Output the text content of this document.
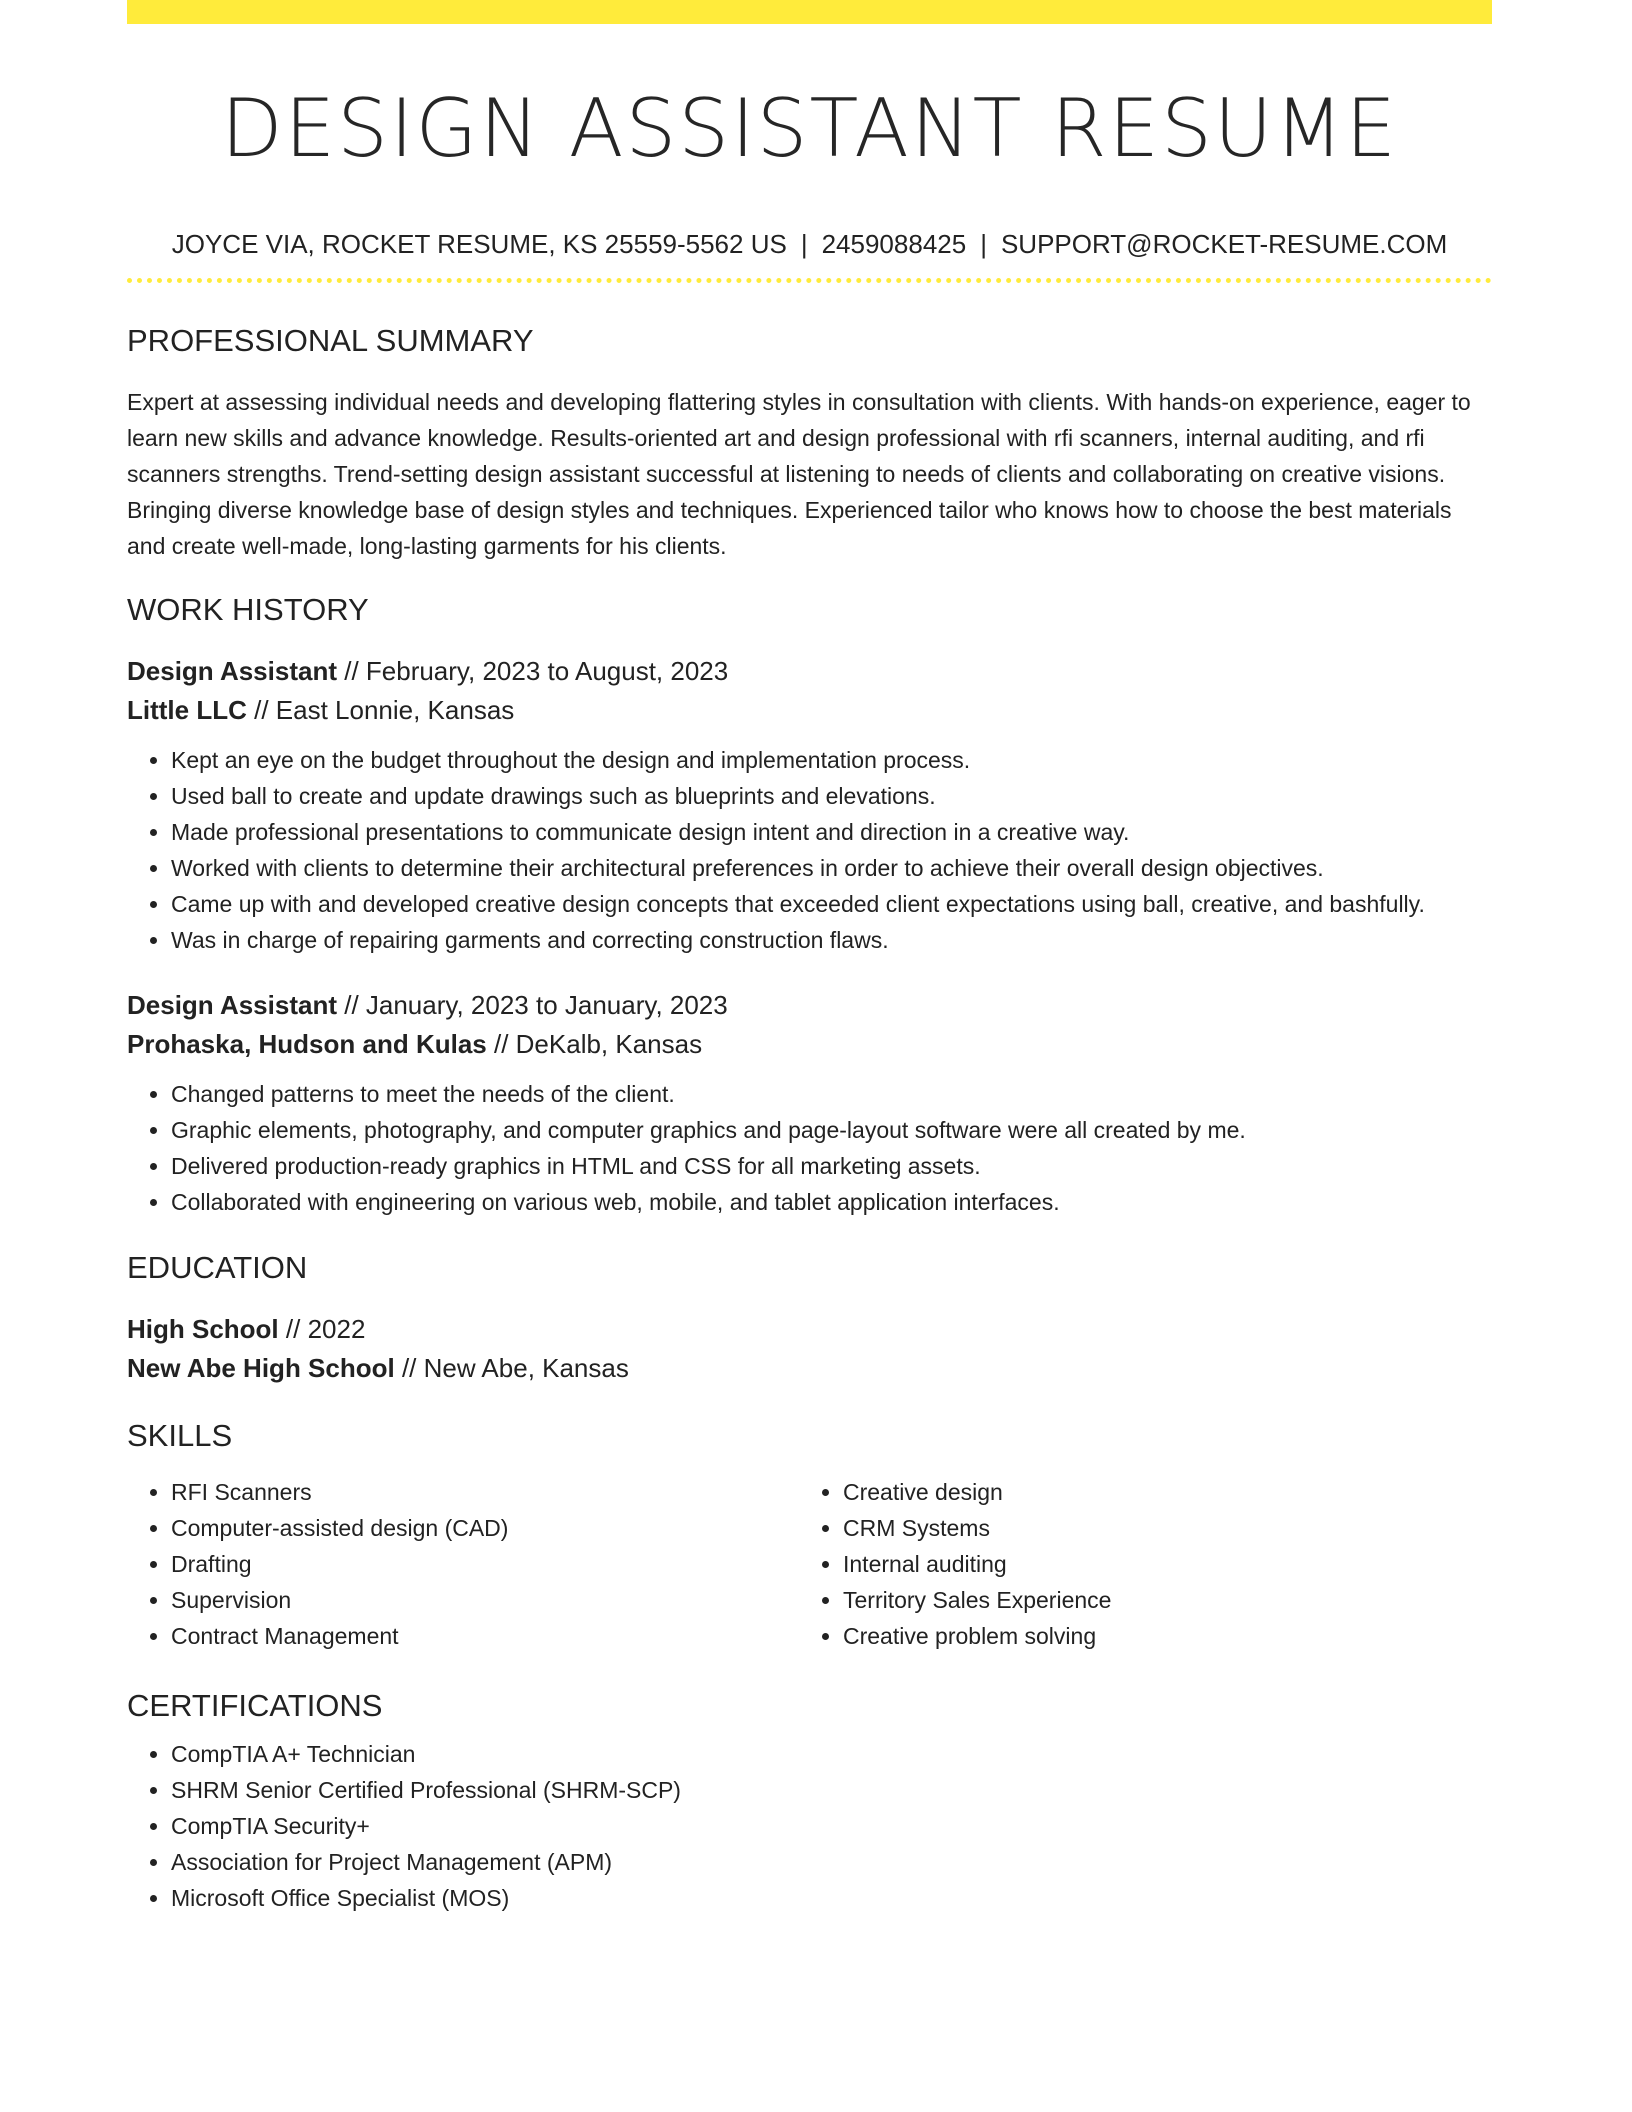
DESIGN ASSISTANT RESUME
JOYCE VIA, ROCKET RESUME, KS 25559-5562 US | 2459088425 | SUPPORT@ROCKET-RESUME.COM
PROFESSIONAL SUMMARY

Expert at assessing individual needs and developing flattering styles in consultation with clients. With hands-on experience, eager to learn new skills and advance knowledge. Results-oriented art and design professional with rfi scanners, internal auditing, and rfi scanners strengths. Trend-setting design assistant successful at listening to needs of clients and collaborating on creative visions. Bringing diverse knowledge base of design styles and techniques. Experienced tailor who knows how to choose the best materials and create well-made, long-lasting garments for his clients.

WORK HISTORY
Design Assistant // February, 2023 to August, 2023
Little LLC // East Lonnie, Kansas
• Kept an eye on the budget throughout the design and implementation process.
• Used ball to create and update drawings such as blueprints and elevations.
• Made professional presentations to communicate design intent and direction in a creative way.
• Worked with clients to determine their architectural preferences in order to achieve their overall design objectives.
• Came up with and developed creative design concepts that exceeded client expectations using ball, creative, and bashfully.
• Was in charge of repairing garments and correcting construction flaws.
Design Assistant // January, 2023 to January, 2023
Prohaska, Hudson and Kulas // DeKalb, Kansas
• Changed patterns to meet the needs of the client.
• Graphic elements, photography, and computer graphics and page-layout software were all created by me.
• Delivered production-ready graphics in HTML and CSS for all marketing assets.
• Collaborated with engineering on various web, mobile, and tablet application interfaces.
EDUCATION
High School // 2022
New Abe High School // New Abe, Kansas
SKILLS
• RFI Scanners
• Computer-assisted design (CAD)
• Drafting
• Supervision
• Contract Management
• Creative design
• CRM Systems
• Internal auditing
• Territory Sales Experience
• Creative problem solving
CERTIFICATIONS
• CompTIA A+ Technician
• SHRM Senior Certified Professional (SHRM-SCP)
• CompTIA Security+
• Association for Project Management (APM)
• Microsoft Office Specialist (MOS)
